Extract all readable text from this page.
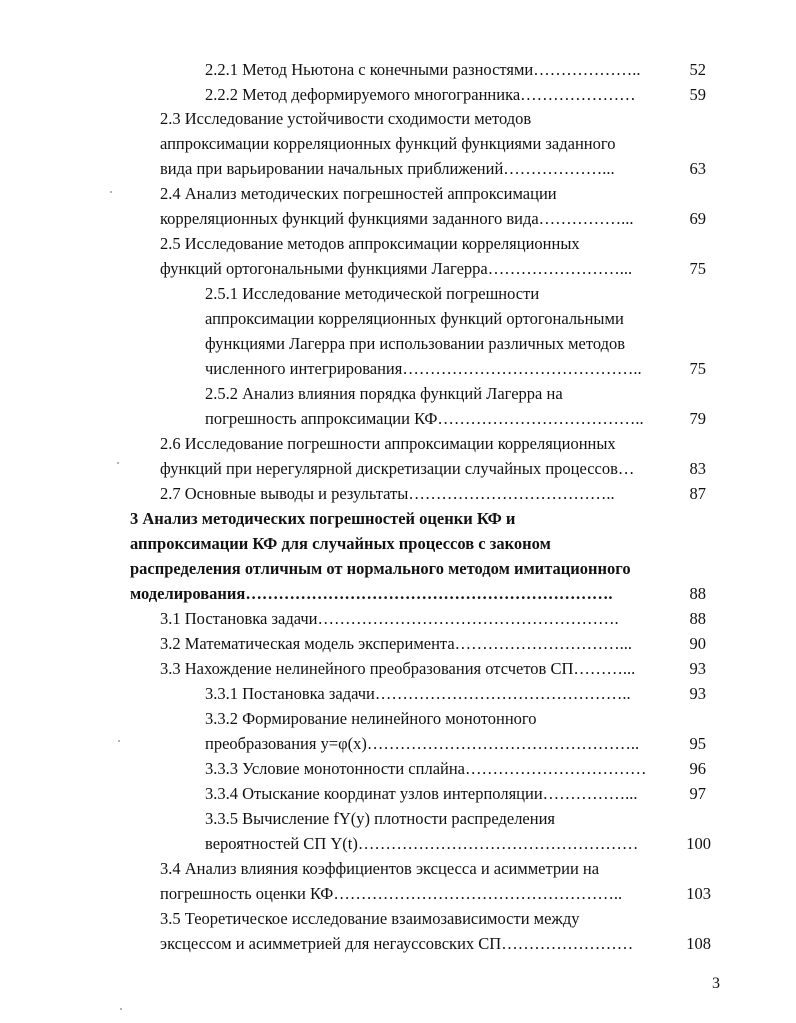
2.2.1 Метод Ньютона с конечными разностями………………..	52
2.2.2 Метод деформируемого многогранника…………………	59
2.3 Исследование устойчивости сходимости методов
аппроксимации корреляционных функций функциями заданного
вида при варьировании начальных приближений………………...	63
2.4 Анализ методических погрешностей аппроксимации
корреляционных функций функциями заданного вида……………...	69
2.5 Исследование методов аппроксимации корреляционных
функций ортогональными функциями Лагерра……………………...	75
2.5.1 Исследование методической погрешности
аппроксимации корреляционных функций ортогональными
функциями Лагерра при использовании различных методов
численного интегрирования……………………………………..	75
2.5.2 Анализ влияния порядка функций Лагерра на
погрешность аппроксимации КФ………………………………..	79
2.6 Исследование погрешности аппроксимации корреляционных
функций при нерегулярной дискретизации случайных процессов…	83
2.7 Основные выводы и результаты………………………………..	87
3 Анализ методических погрешностей оценки КФ и
аппроксимации КФ для случайных процессов с законом
распределения отличным от нормального методом имитационного
моделирования………………………………………………………….	88
3.1 Постановка задачи……………………………………………….	88
3.2 Математическая модель эксперимента…………………………...	90
3.3 Нахождение нелинейного преобразования отсчетов СП………...	93
3.3.1 Постановка задачи………………………………………..	93
3.3.2 Формирование нелинейного монотонного
преобразования y=φ(x)…………………………………………..	95
3.3.3 Условие монотонности сплайна……………………………	96
3.3.4 Отыскание координат узлов интерполяции……………...	97
3.3.5 Вычисление fY(y) плотности распределения
вероятностей СП Y(t)……………………………………………	100
3.4 Анализ влияния коэффициентов эксцесса и асимметрии на
погрешность оценки КФ……………………………………………..	103
3.5 Теоретическое исследование взаимозависимости между
эксцессом и асимметрией для негауссовских СП……………………	108
3
